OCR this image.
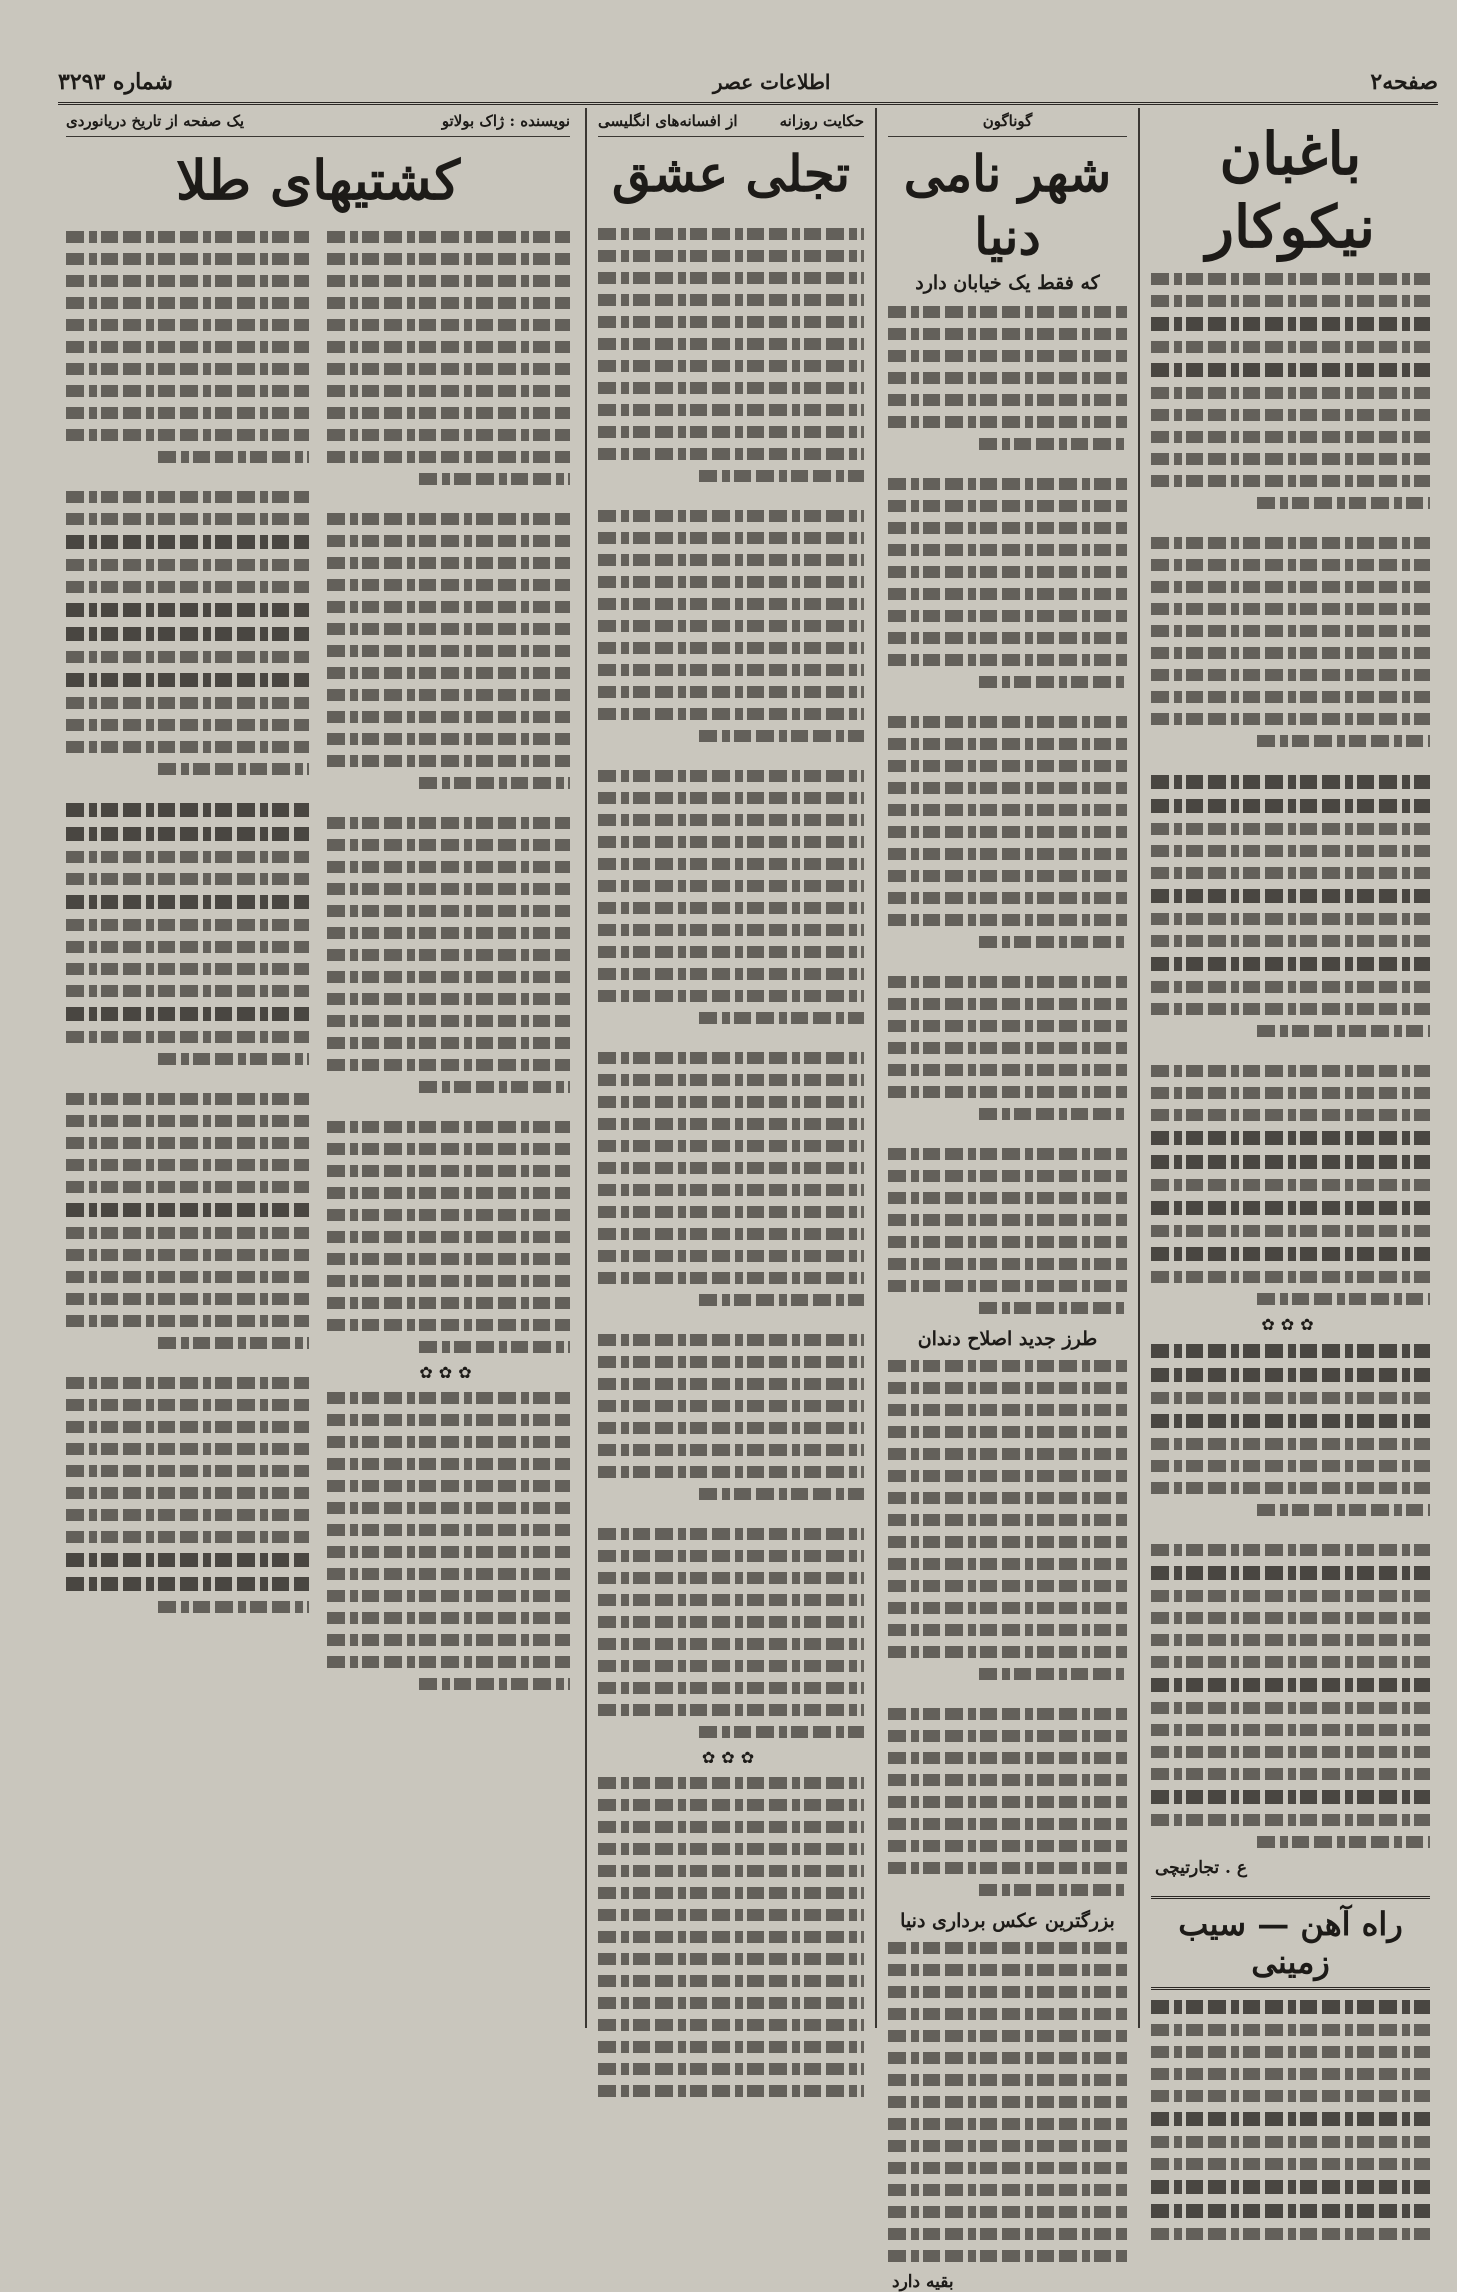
صفحه۲
اطلاعات عصر
شماره ۳۲۹۳
باغبان نیکوکار
✿✿✿
ع . تجارتیچی
راه آهن — سیب زمینی
گوناگون
شهر نامی دنیا
که فقط یک خیابان دارد
طرز جدید اصلاح دندان
بزرگترین عکس برداری دنیا
بقیه دارد
حکایت روزانه
از افسانه‌های انگلیسی
تجلی عشق
✿✿✿
نویسنده : ژاک بولاتو
یک صفحه از تاریخ دریانوردی
کشتیهای طلا
✿✿✿
